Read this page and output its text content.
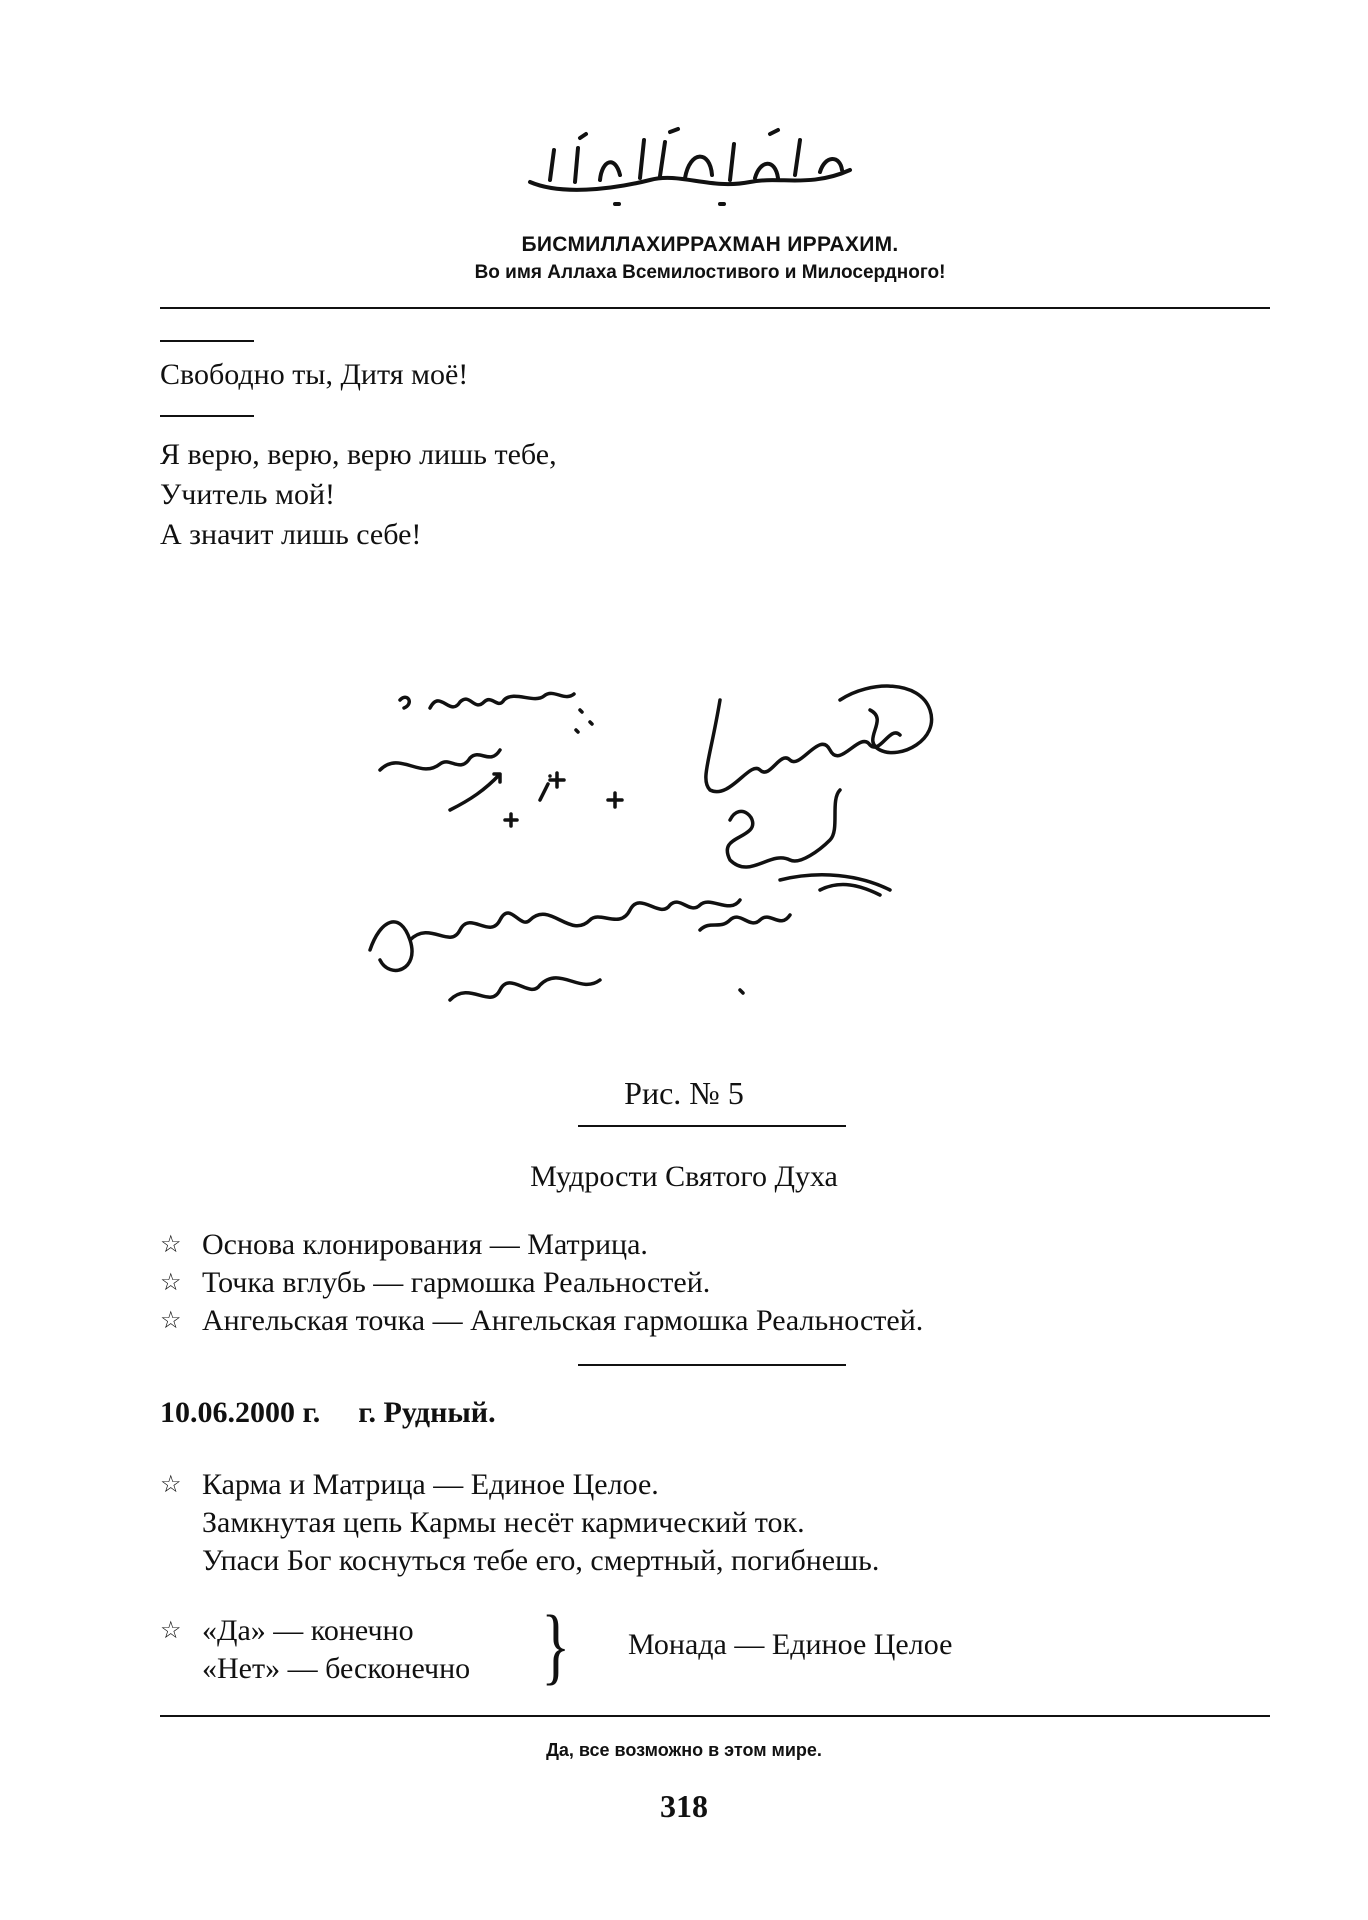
БИСМИЛЛАХИРРАХМАН ИРРАХИМ.
Во имя Аллаха Всемилостивого и Милосердного!
Свободно ты, Дитя моё!
Я верю, верю, верю лишь тебе,
Учитель мой!
А значит лишь себе!
Рис. № 5
Мудрости Святого Духа
☆ Основа клонирования — Матрица.
☆ Точка вглубь — гармошка Реальностей.
☆ Ангельская точка — Ангельская гармошка Реальностей.
10.06.2000 г. г. Рудный.
☆ Карма и Матрица — Единое Целое.
Замкнутая цепь Кармы несёт кармический ток.
Упаси Бог коснуться тебе его, смертный, погибнешь.
☆ «Да» — конечно
«Нет» — бесконечно } Монада — Единое Целое
Да, все возможно в этом мире.
318
